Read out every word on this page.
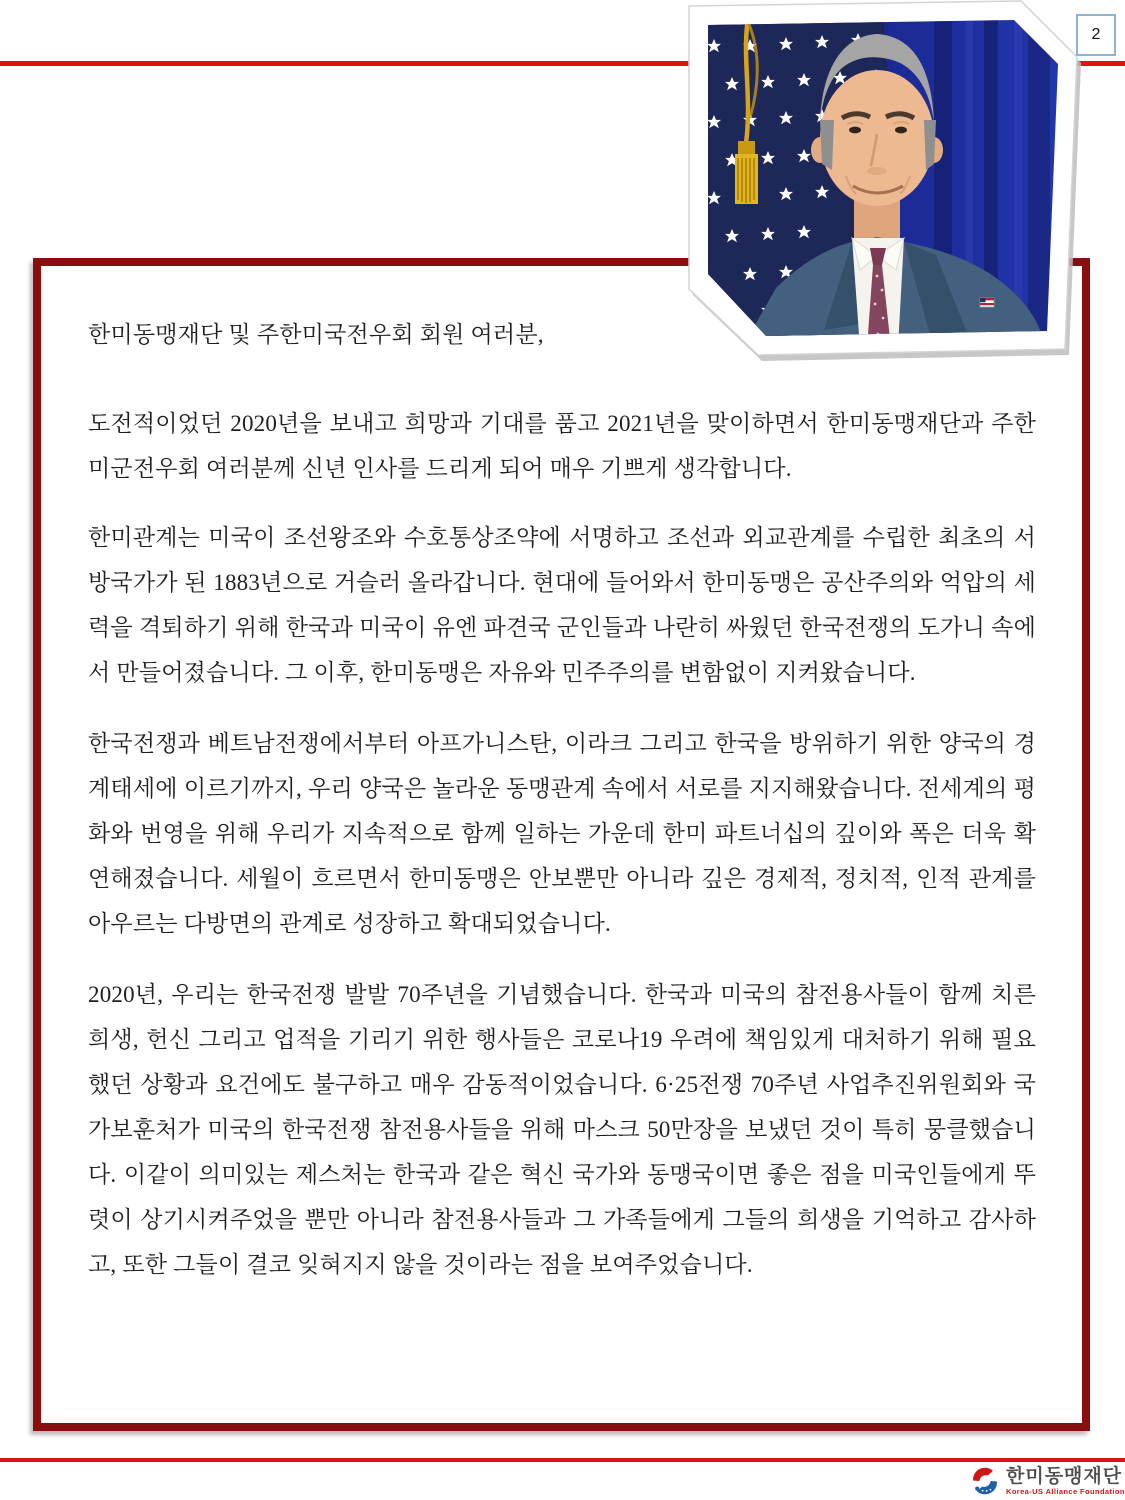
한미동맹재단 및 주한미국전우회 회원 여러분,

도전적이었던 2020년을 보내고 희망과 기대를 품고 2021년을 맞이하면서 한미동맹재단과 주한미군전우회 여러분께 신년 인사를 드리게 되어 매우 기쁘게 생각합니다.

한미관계는 미국이 조선왕조와 수호통상조약에 서명하고 조선과 외교관계를 수립한 최초의 서방국가가 된 1883년으로 거슬러 올라갑니다. 현대에 들어와서 한미동맹은 공산주의와 억압의 세력을 격퇴하기 위해 한국과 미국이 유엔 파견국 군인들과 나란히 싸웠던 한국전쟁의 도가니 속에서 만들어졌습니다. 그 이후, 한미동맹은 자유와 민주주의를 변함없이 지켜왔습니다.

한국전쟁과 베트남전쟁에서부터 아프가니스탄, 이라크 그리고 한국을 방위하기 위한 양국의 경계태세에 이르기까지, 우리 양국은 놀라운 동맹관계 속에서 서로를 지지해왔습니다. 전세계의 평화와 번영을 위해 우리가 지속적으로 함께 일하는 가운데 한미 파트너십의 깊이와 폭은 더욱 확연해졌습니다. 세월이 흐르면서 한미동맹은 안보뿐만 아니라 깊은 경제적, 정치적, 인적 관계를 아우르는 다방면의 관계로 성장하고 확대되었습니다.

2020년, 우리는 한국전쟁 발발 70주년을 기념했습니다. 한국과 미국의 참전용사들이 함께 치른 희생, 헌신 그리고 업적을 기리기 위한 행사들은 코로나19 우려에 책임있게 대처하기 위해 필요했던 상황과 요건에도 불구하고 매우 감동적이었습니다. 6·25전쟁 70주년 사업추진위원회와 국가보훈처가 미국의 한국전쟁 참전용사들을 위해 마스크 50만장을 보냈던 것이 특히 뭉클했습니다. 이같이 의미있는 제스처는 한국과 같은 혁신 국가와 동맹국이면 좋은 점을 미국인들에게 뚜렷이 상기시켜주었을 뿐만 아니라 참전용사들과 그 가족들에게 그들의 희생을 기억하고 감사하고, 또한 그들이 결코 잊혀지지 않을 것이라는 점을 보여주었습니다.

2
한미동맹재단
Korea-US Alliance Foundation
